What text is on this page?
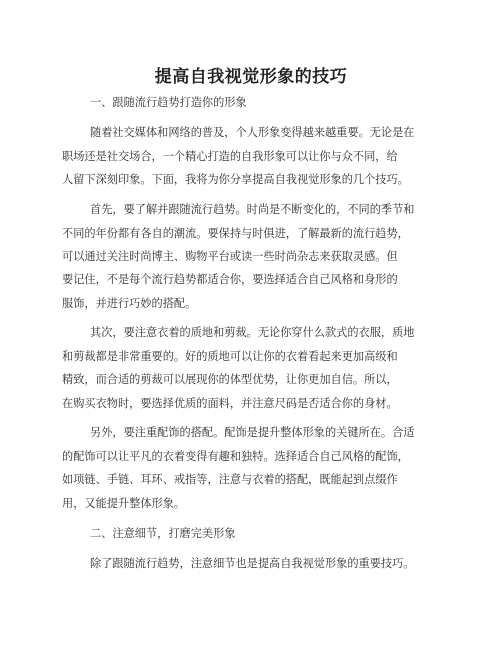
提高自我视觉形象的技巧
一、跟随流行趋势打造你的形象
随着社交媒体和网络的普及，个人形象变得越来越重要。无论是在
职场还是社交场合，一个精心打造的自我形象可以让你与众不同，给
人留下深刻印象。下面，我将为你分享提高自我视觉形象的几个技巧。
首先，要了解并跟随流行趋势。时尚是不断变化的，不同的季节和
不同的年份都有各自的潮流。要保持与时俱进，了解最新的流行趋势，
可以通过关注时尚博主、购物平台或读一些时尚杂志来获取灵感。但
要记住，不是每个流行趋势都适合你，要选择适合自己风格和身形的
服饰，并进行巧妙的搭配。
其次，要注意衣着的质地和剪裁。无论你穿什么款式的衣服，质地
和剪裁都是非常重要的。好的质地可以让你的衣着看起来更加高级和
精致，而合适的剪裁可以展现你的体型优势，让你更加自信。所以，
在购买衣物时，要选择优质的面料，并注意尺码是否适合你的身材。
另外，要注重配饰的搭配。配饰是提升整体形象的关键所在。合适
的配饰可以让平凡的衣着变得有趣和独特。选择适合自己风格的配饰，
如项链、手链、耳环、戒指等，注意与衣着的搭配，既能起到点缀作
用，又能提升整体形象。
二、注意细节，打磨完美形象
除了跟随流行趋势，注意细节也是提高自我视觉形象的重要技巧。
